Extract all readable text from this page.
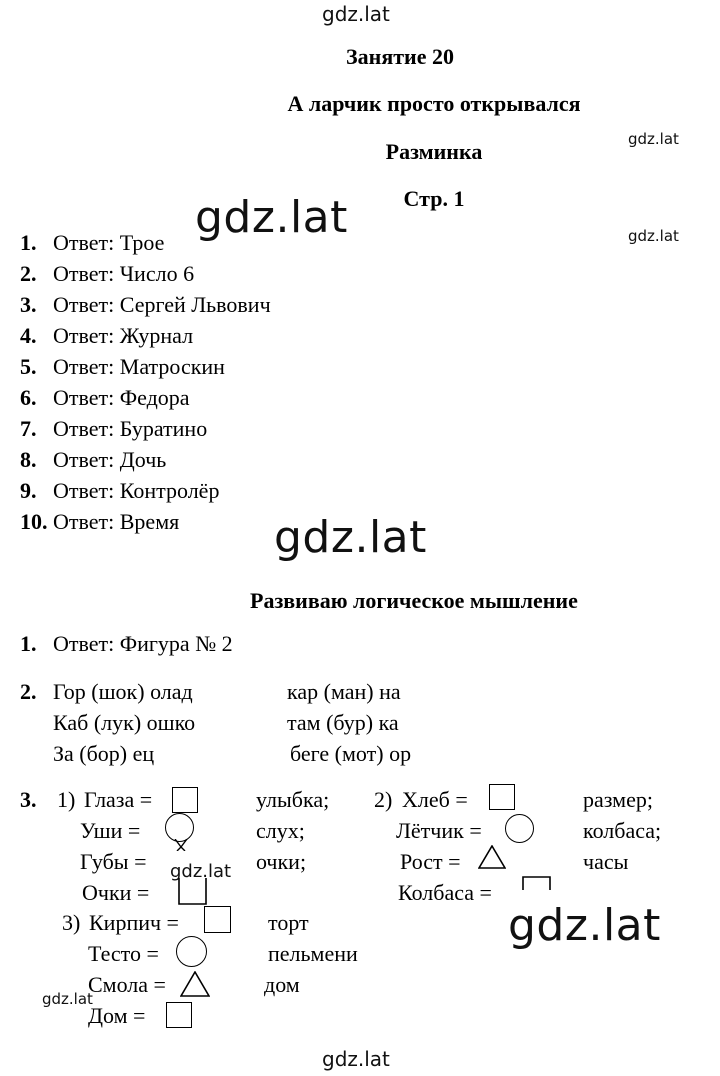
gdz.lat
gdz.lat
gdz.lat
gdz.lat
gdz.lat
gdz.lat
gdz.lat
gdz.lat
gdz.lat
Занятие 20
А ларчик просто открывался
Разминка
Стр. 1
1. Ответ: Трое
2. Ответ: Число 6
3. Ответ: Сергей Львович
4. Ответ: Журнал
5. Ответ: Матроскин
6. Ответ: Федора
7. Ответ: Буратино
8. Ответ: Дочь
9. Ответ: Контролёр
10. Ответ: Время
Развиваю логическое мышление
1. Ответ: Фигура № 2
2. Гор (шок) олад
Каб (лук) ошко
За (бор) ец
кар (ман) на
там (бур) ка
беге (мот) ор
3. 1) Глаза =
Уши =
Губы =
Очки =
улыбка;
слух;
очки;
2) Хлеб =
Лётчик =
Рост =
Колбаса =
размер;
колбаса;
часы
3) Кирпич =
Тесто =
Смола =
Дом =
торт
пельмени
дом
